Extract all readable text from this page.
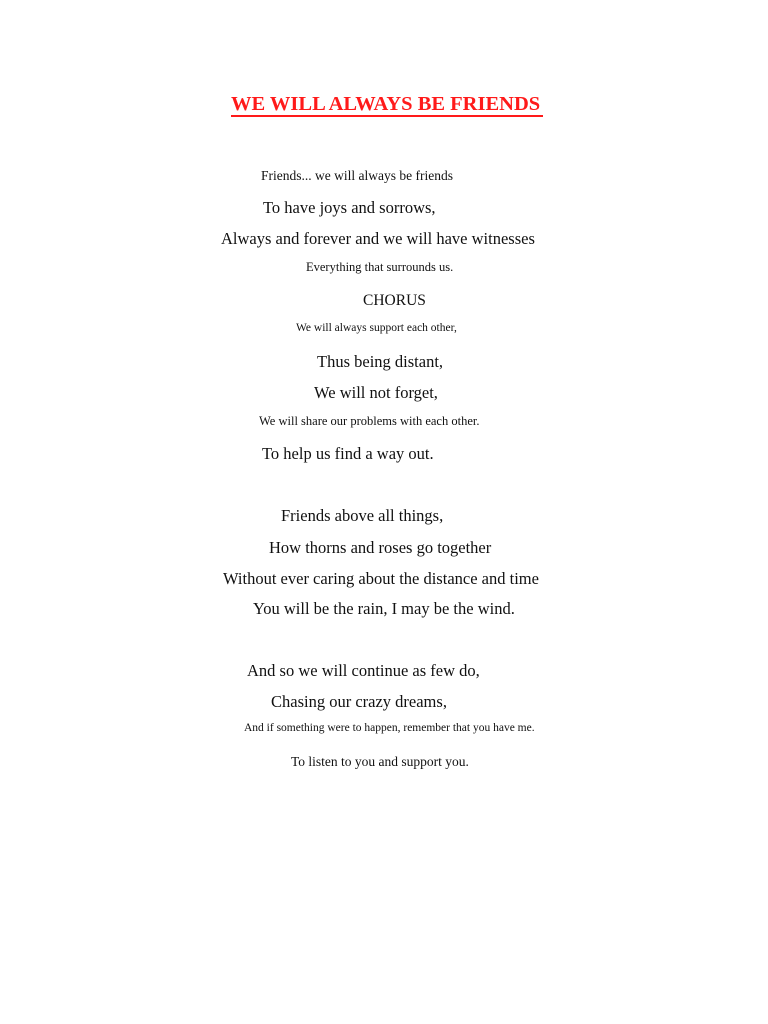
WE WILL ALWAYS BE FRIENDS
Friends... we will always be friends
To have joys and sorrows,
Always and forever and we will have witnesses
Everything that surrounds us.
CHORUS
We will always support each other,
Thus being distant,
We will not forget,
We will share our problems with each other.
To help us find a way out.
Friends above all things,
How thorns and roses go together
Without ever caring about the distance and time
You will be the rain, I may be the wind.
And so we will continue as few do,
Chasing our crazy dreams,
And if something were to happen, remember that you have me.
To listen to you and support you.
